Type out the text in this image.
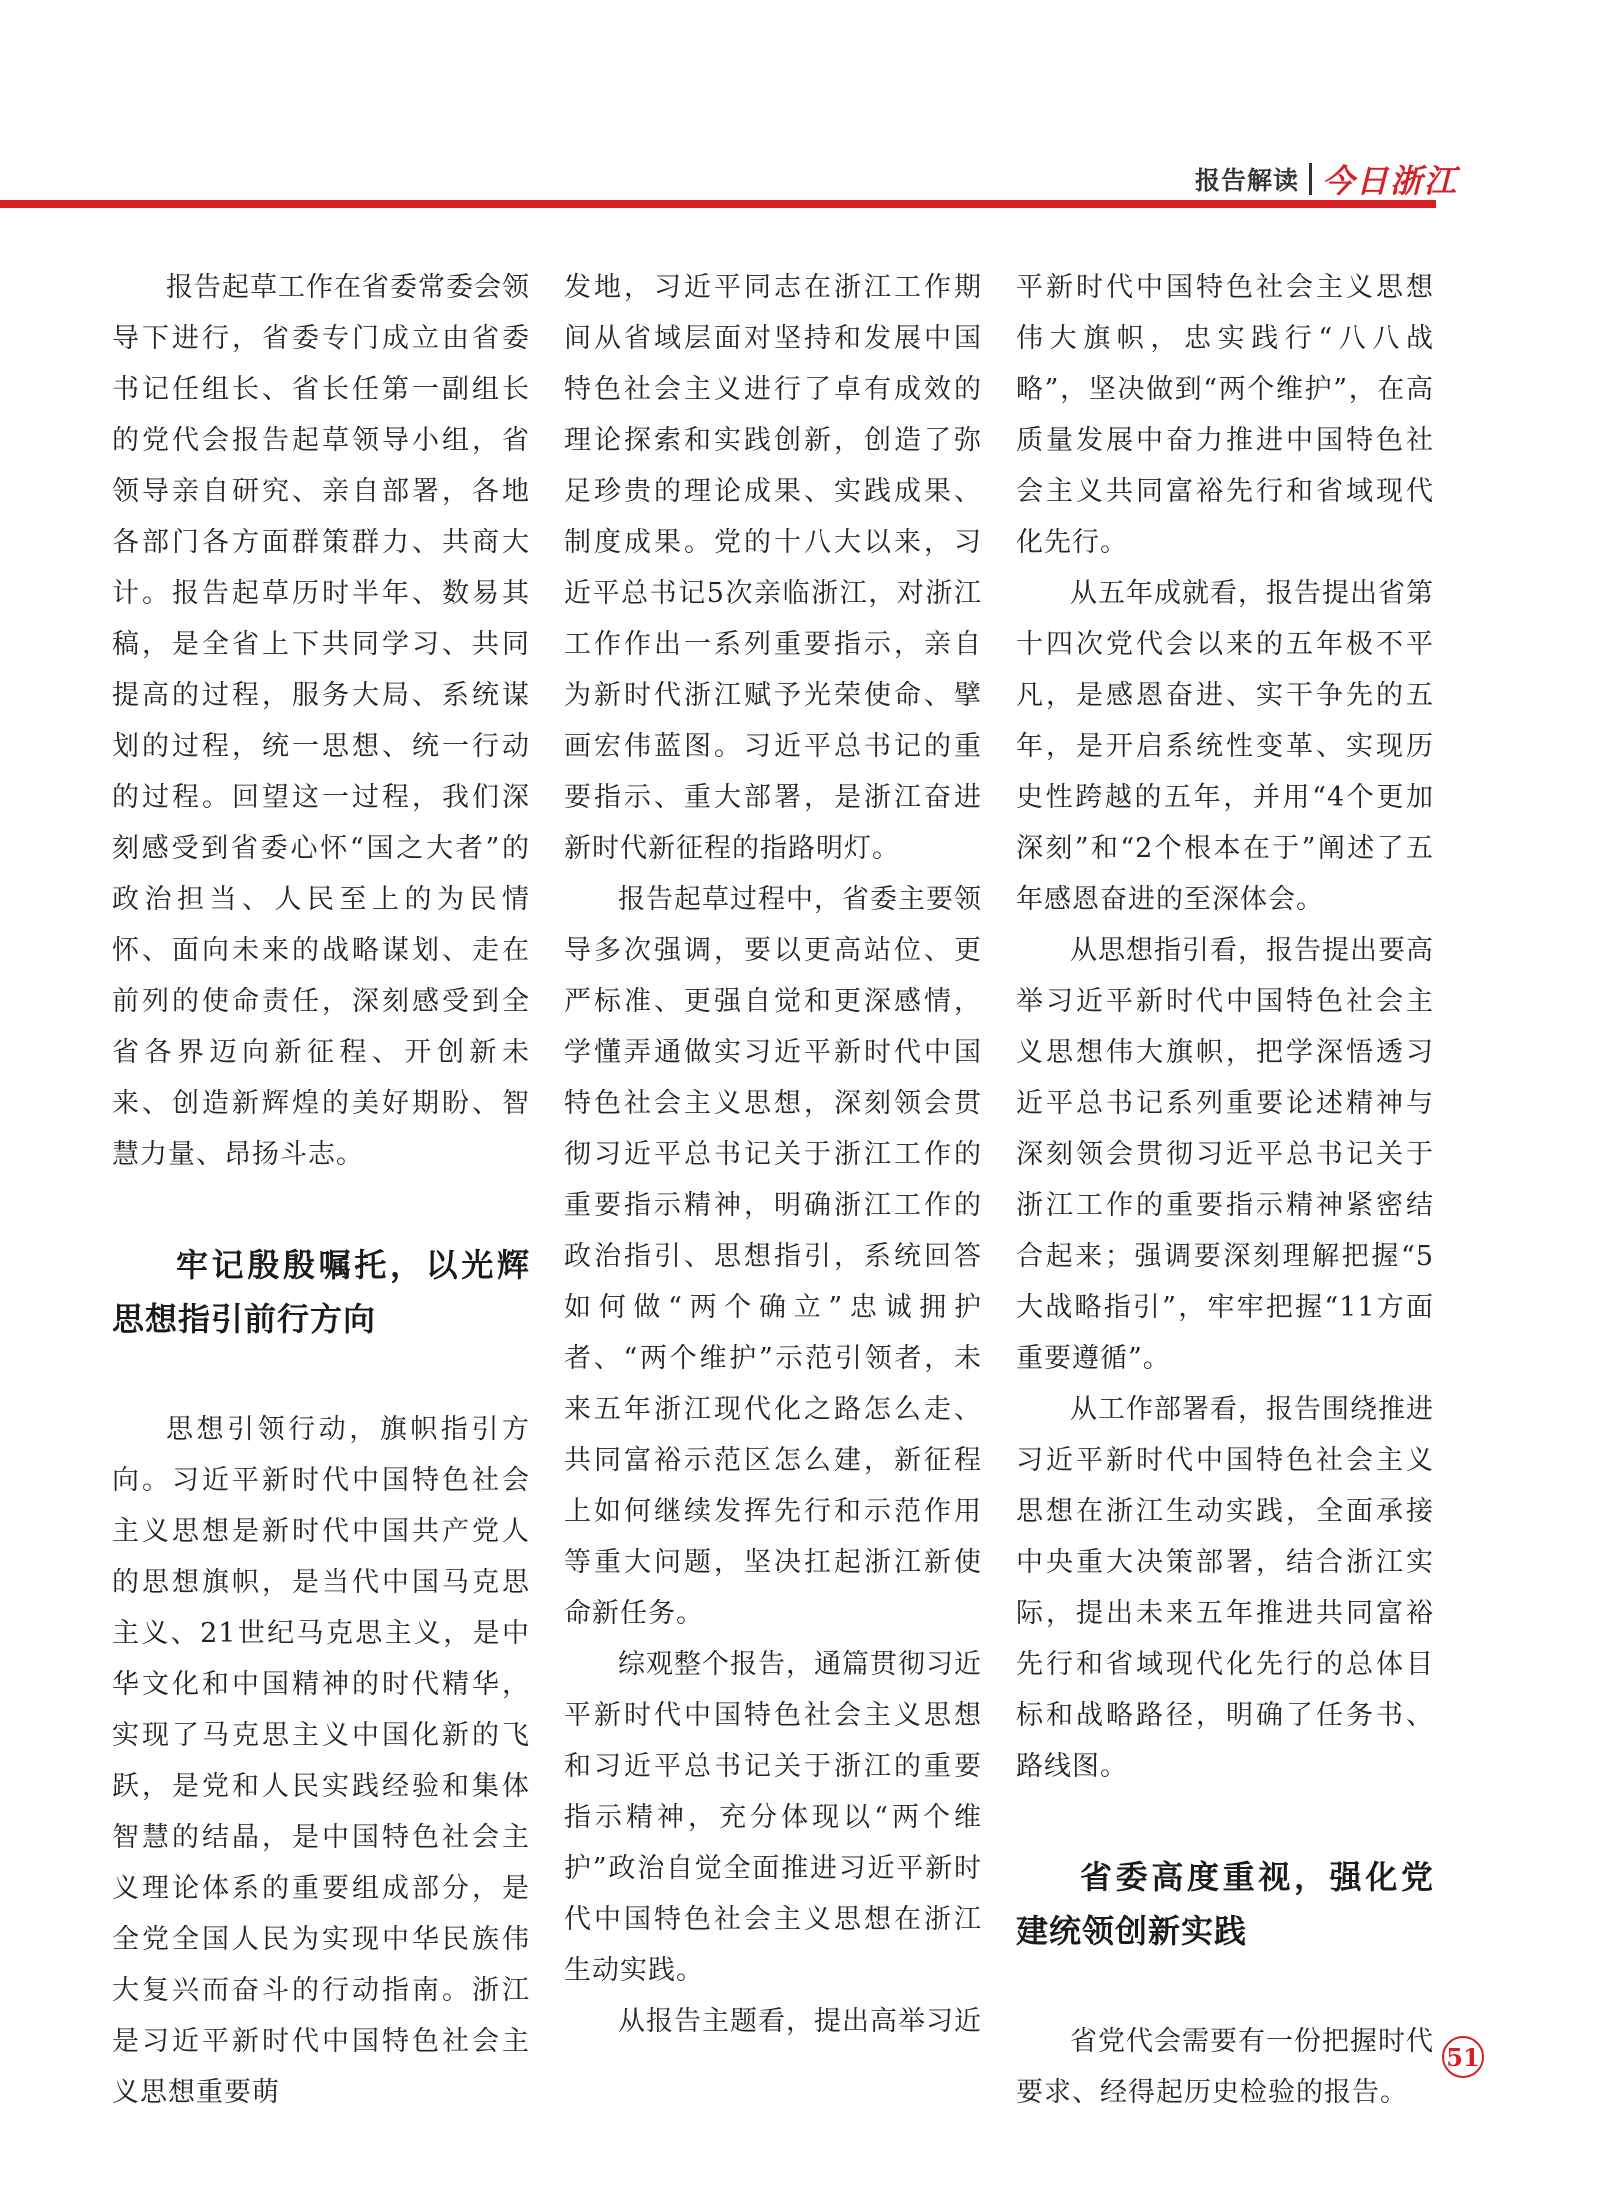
报告解读 今日浙江

报告起草工作在省委常委会领导下进行，省委专门成立由省委书记任组长、省长任第一副组长的党代会报告起草领导小组，省领导亲自研究、亲自部署，各地各部门各方面群策群力、共商大计。报告起草历时半年、数易其稿，是全省上下共同学习、共同提高的过程，服务大局、系统谋划的过程，统一思想、统一行动的过程。回望这一过程，我们深刻感受到省委心怀“国之大者”的政治担当、人民至上的为民情怀、面向未来的战略谋划、走在前列的使命责任，深刻感受到全省各界迈向新征程、开创新未来、创造新辉煌的美好期盼、智慧力量、昂扬斗志。

牢记殷殷嘱托，以光辉思想指引前行方向

思想引领行动，旗帜指引方向。习近平新时代中国特色社会主义思想是新时代中国共产党人的思想旗帜，是当代中国马克思主义、21世纪马克思主义，是中华文化和中国精神的时代精华，实现了马克思主义中国化新的飞跃，是党和人民实践经验和集体智慧的结晶，是中国特色社会主义理论体系的重要组成部分，是全党全国人民为实现中华民族伟大复兴而奋斗的行动指南。浙江是习近平新时代中国特色社会主义思想重要萌

发地，习近平同志在浙江工作期间从省域层面对坚持和发展中国特色社会主义进行了卓有成效的理论探索和实践创新，创造了弥足珍贵的理论成果、实践成果、制度成果。党的十八大以来，习近平总书记5次亲临浙江，对浙江工作作出一系列重要指示，亲自为新时代浙江赋予光荣使命、擘画宏伟蓝图。习近平总书记的重要指示、重大部署，是浙江奋进新时代新征程的指路明灯。

报告起草过程中，省委主要领导多次强调，要以更高站位、更严标准、更强自觉和更深感情，学懂弄通做实习近平新时代中国特色社会主义思想，深刻领会贯彻习近平总书记关于浙江工作的重要指示精神，明确浙江工作的政治指引、思想指引，系统回答如何做“两个确立”忠诚拥护者、“两个维护”示范引领者，未来五年浙江现代化之路怎么走、共同富裕示范区怎么建，新征程上如何继续发挥先行和示范作用等重大问题，坚决扛起浙江新使命新任务。

综观整个报告，通篇贯彻习近平新时代中国特色社会主义思想和习近平总书记关于浙江的重要指示精神，充分体现以“两个维护”政治自觉全面推进习近平新时代中国特色社会主义思想在浙江生动实践。

从报告主题看，提出高举习近

平新时代中国特色社会主义思想伟大旗帜，忠实践行“八八战略”，坚决做到“两个维护”，在高质量发展中奋力推进中国特色社会主义共同富裕先行和省域现代化先行。

从五年成就看，报告提出省第十四次党代会以来的五年极不平凡，是感恩奋进、实干争先的五年，是开启系统性变革、实现历史性跨越的五年，并用“4个更加深刻”和“2个根本在于”阐述了五年感恩奋进的至深体会。

从思想指引看，报告提出要高举习近平新时代中国特色社会主义思想伟大旗帜，把学深悟透习近平总书记系列重要论述精神与深刻领会贯彻习近平总书记关于浙江工作的重要指示精神紧密结合起来；强调要深刻理解把握“5大战略指引”，牢牢把握“11方面重要遵循”。

从工作部署看，报告围绕推进习近平新时代中国特色社会主义思想在浙江生动实践，全面承接中央重大决策部署，结合浙江实际，提出未来五年推进共同富裕先行和省域现代化先行的总体目标和战略路径，明确了任务书、路线图。

省委高度重视，强化党建统领创新实践

省党代会需要有一份把握时代要求、经得起历史检验的报告。

51
